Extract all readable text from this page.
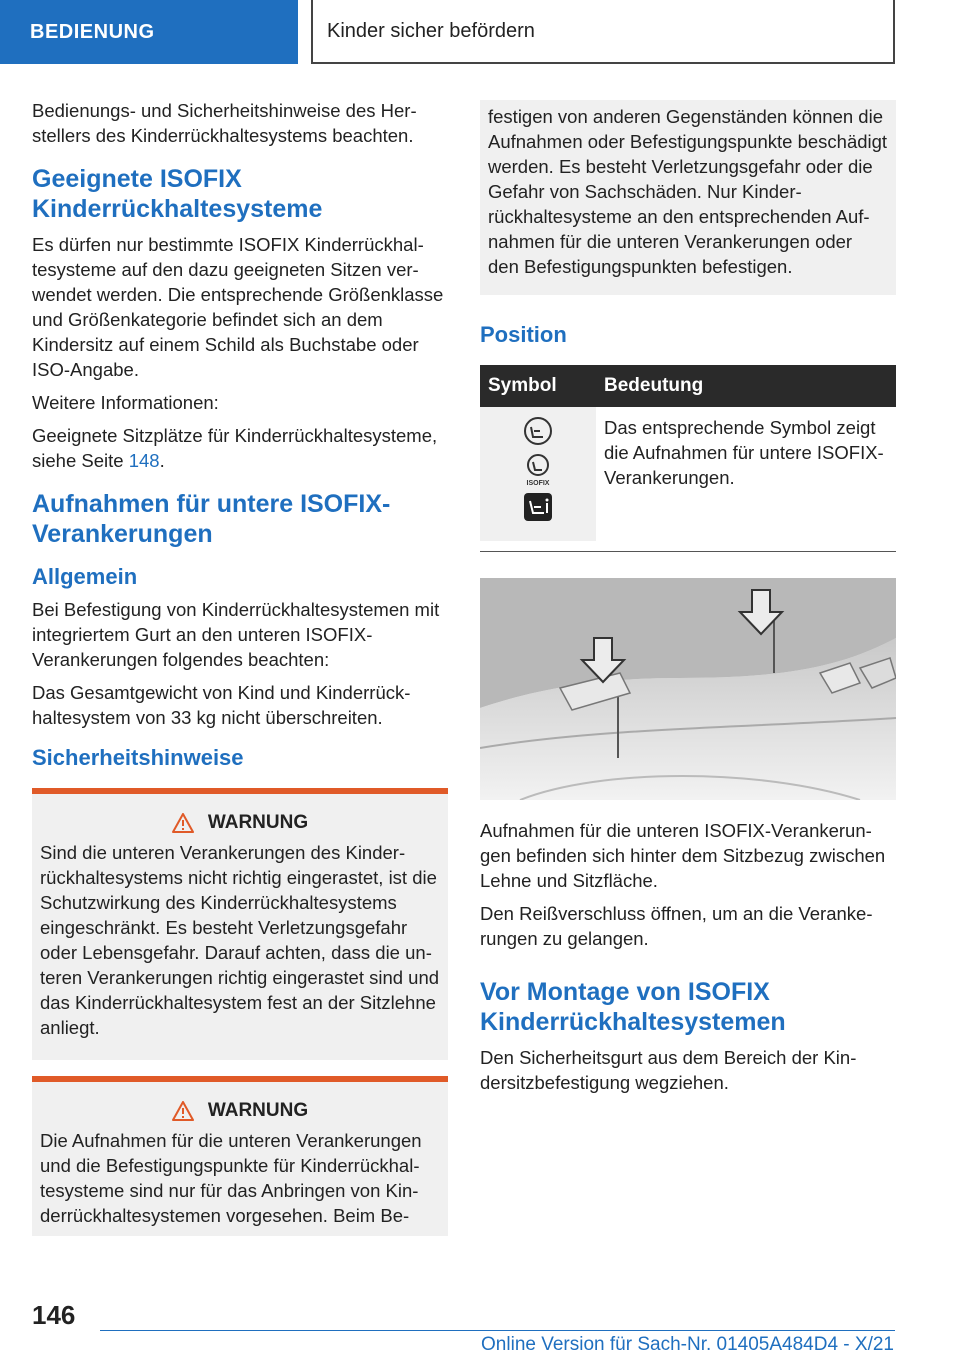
BEDIENUNG	Kinder sicher befördern

Bedienungs- und Sicherheitshinweise des Herstellers des Kinderrückhaltesystems beachten.

Geeignete ISOFIX Kinderrückhaltesysteme

Es dürfen nur bestimmte ISOFIX Kinderrückhaltesysteme auf den dazu geeigneten Sitzen verwendet werden. Die entsprechende Größenklasse und Größenkategorie befindet sich an dem Kindersitz auf einem Schild als Buchstabe oder ISO-Angabe.

Weitere Informationen:

Geeignete Sitzplätze für Kinderrückhaltesysteme, siehe Seite 148.

Aufnahmen für untere ISOFIX-Verankerungen
Allgemein

Bei Befestigung von Kinderrückhaltesystemen mit integriertem Gurt an den unteren ISOFIX-Verankerungen folgendes beachten:

Das Gesamtgewicht von Kind und Kinderrückhaltesystem von 33 kg nicht überschreiten.

Sicherheitshinweise
WARNUNG

Sind die unteren Verankerungen des Kinderrückhaltesystems nicht richtig eingerastet, ist die Schutzwirkung des Kinderrückhaltesystems eingeschränkt. Es besteht Verletzungsgefahr oder Lebensgefahr. Darauf achten, dass die unteren Verankerungen richtig eingerastet sind und das Kinderrückhaltesystem fest an der Sitzlehne anliegt.

WARNUNG

Die Aufnahmen für die unteren Verankerungen und die Befestigungspunkte für Kinderrückhaltesysteme sind nur für das Anbringen von Kinderrückhaltesystemen vorgesehen. Beim Be-

festigen von anderen Gegenständen können die Aufnahmen oder Befestigungspunkte beschädigt werden. Es besteht Verletzungsgefahr oder die Gefahr von Sachschäden. Nur Kinderrückhaltesysteme an den entsprechenden Aufnahmen für die unteren Verankerungen oder den Befestigungspunkten befestigen.

Position
Symbol	Bedeutung

ISOFIX	Das entsprechende Symbol zeigt die Aufnahmen für untere ISOFIX-Verankerungen.

Aufnahmen für die unteren ISOFIX-Verankerungen befinden sich hinter dem Sitzbezug zwischen Lehne und Sitzfläche.

Den Reißverschluss öffnen, um an die Verankerungen zu gelangen.

Vor Montage von ISOFIX Kinderrückhaltesystemen

Den Sicherheitsgurt aus dem Bereich der Kindersitzbefestigung wegziehen.

146
Online Version für Sach-Nr. 01405A484D4 - X/21
